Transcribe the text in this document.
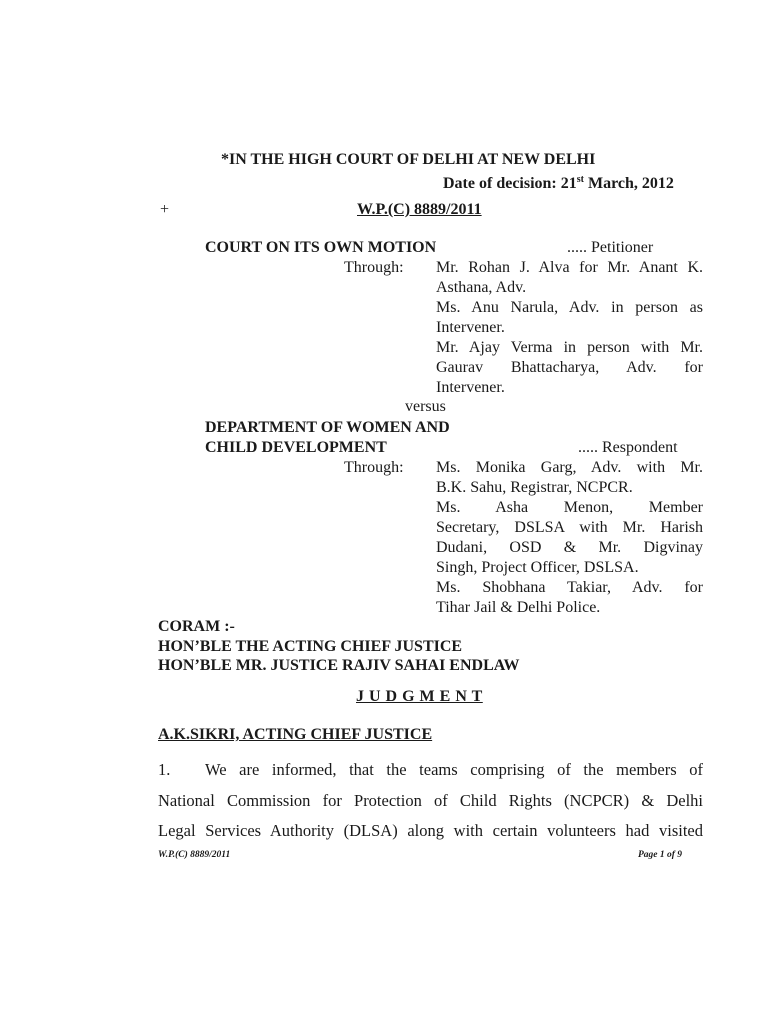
*IN THE HIGH COURT OF DELHI AT NEW DELHI
Date of decision: 21st March, 2012
+	W.P.(C) 8889/2011
COURT ON ITS OWN MOTION	..... Petitioner
Through: Mr. Rohan J. Alva for Mr. Anant K.
Asthana, Adv.
Ms. Anu Narula, Adv. in person as
Intervener.
Mr. Ajay Verma in person with Mr.
Gaurav Bhattacharya, Adv. for
Intervener.
versus
DEPARTMENT OF WOMEN AND
CHILD DEVELOPMENT	..... Respondent
Through: Ms. Monika Garg, Adv. with Mr.
B.K. Sahu, Registrar, NCPCR.
Ms. Asha Menon, Member
Secretary, DSLSA with Mr. Harish
Dudani, OSD & Mr. Digvinay
Singh, Project Officer, DSLSA.
Ms. Shobhana Takiar, Adv. for
Tihar Jail & Delhi Police.
CORAM :-
HON’BLE THE ACTING CHIEF JUSTICE
HON’BLE MR. JUSTICE RAJIV SAHAI ENDLAW
J U D G M E N T
A.K.SIKRI, ACTING CHIEF JUSTICE
1. We are informed, that the teams comprising of the members of
National Commission for Protection of Child Rights (NCPCR) & Delhi
Legal Services Authority (DLSA) along with certain volunteers had visited
W.P.(C) 8889/2011	Page 1 of 9
